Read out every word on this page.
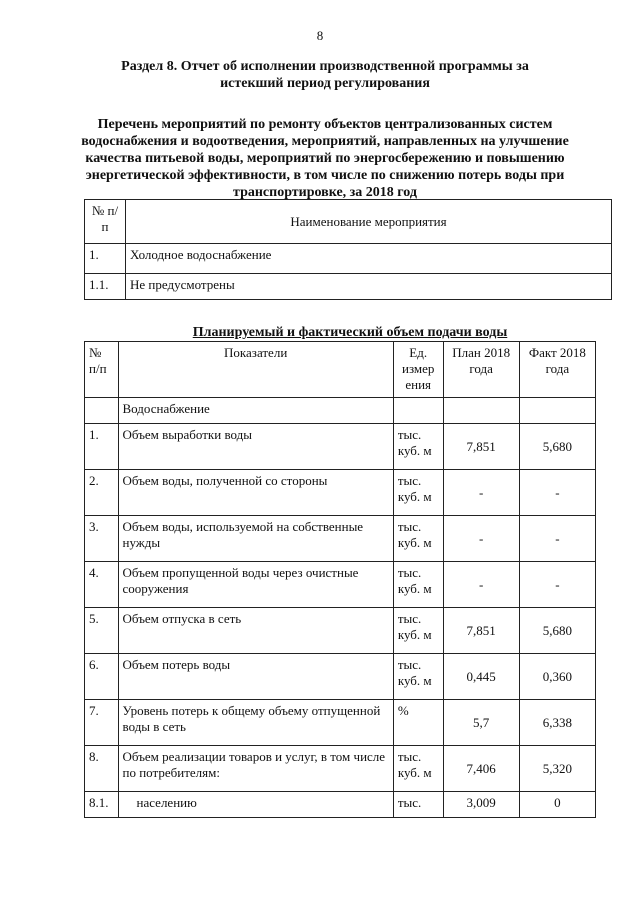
8
Раздел 8. Отчет об исполнении производственной программы за истекший период регулирования
Перечень мероприятий по ремонту объектов централизованных систем водоснабжения и водоотведения, мероприятий, направленных на улучшение качества питьевой воды, мероприятий по энергосбережению и повышению энергетической эффективности, в том числе по снижению потерь воды при транспортировке, за 2018 год
№ п/п	Наименование мероприятия
1.	Холодное водоснабжение
1.1.	Не предусмотрены
Планируемый и фактический объем подачи воды
№ п/п	Показатели	Ед. измер ения	План 2018 года	Факт 2018 года
	Водоснабжение			
1.	Объем выработки воды	тыс. куб. м	7,851	5,680
2.	Объем воды, полученной со стороны	тыс. куб. м	-	-
3.	Объем воды, используемой на собственные нужды	тыс. куб. м	-	-
4.	Объем пропущенной воды через очистные сооружения	тыс. куб. м	-	-
5.	Объем отпуска в сеть	тыс. куб. м	7,851	5,680
6.	Объем потерь воды	тыс. куб. м	0,445	0,360
7.	Уровень потерь к общему объему отпущенной воды в сеть	%	5,7	6,338
8.	Объем реализации товаров и услуг, в том числе по потребителям:	тыс. куб. м	7,406	5,320
8.1.	населению	тыс.	3,009	0
